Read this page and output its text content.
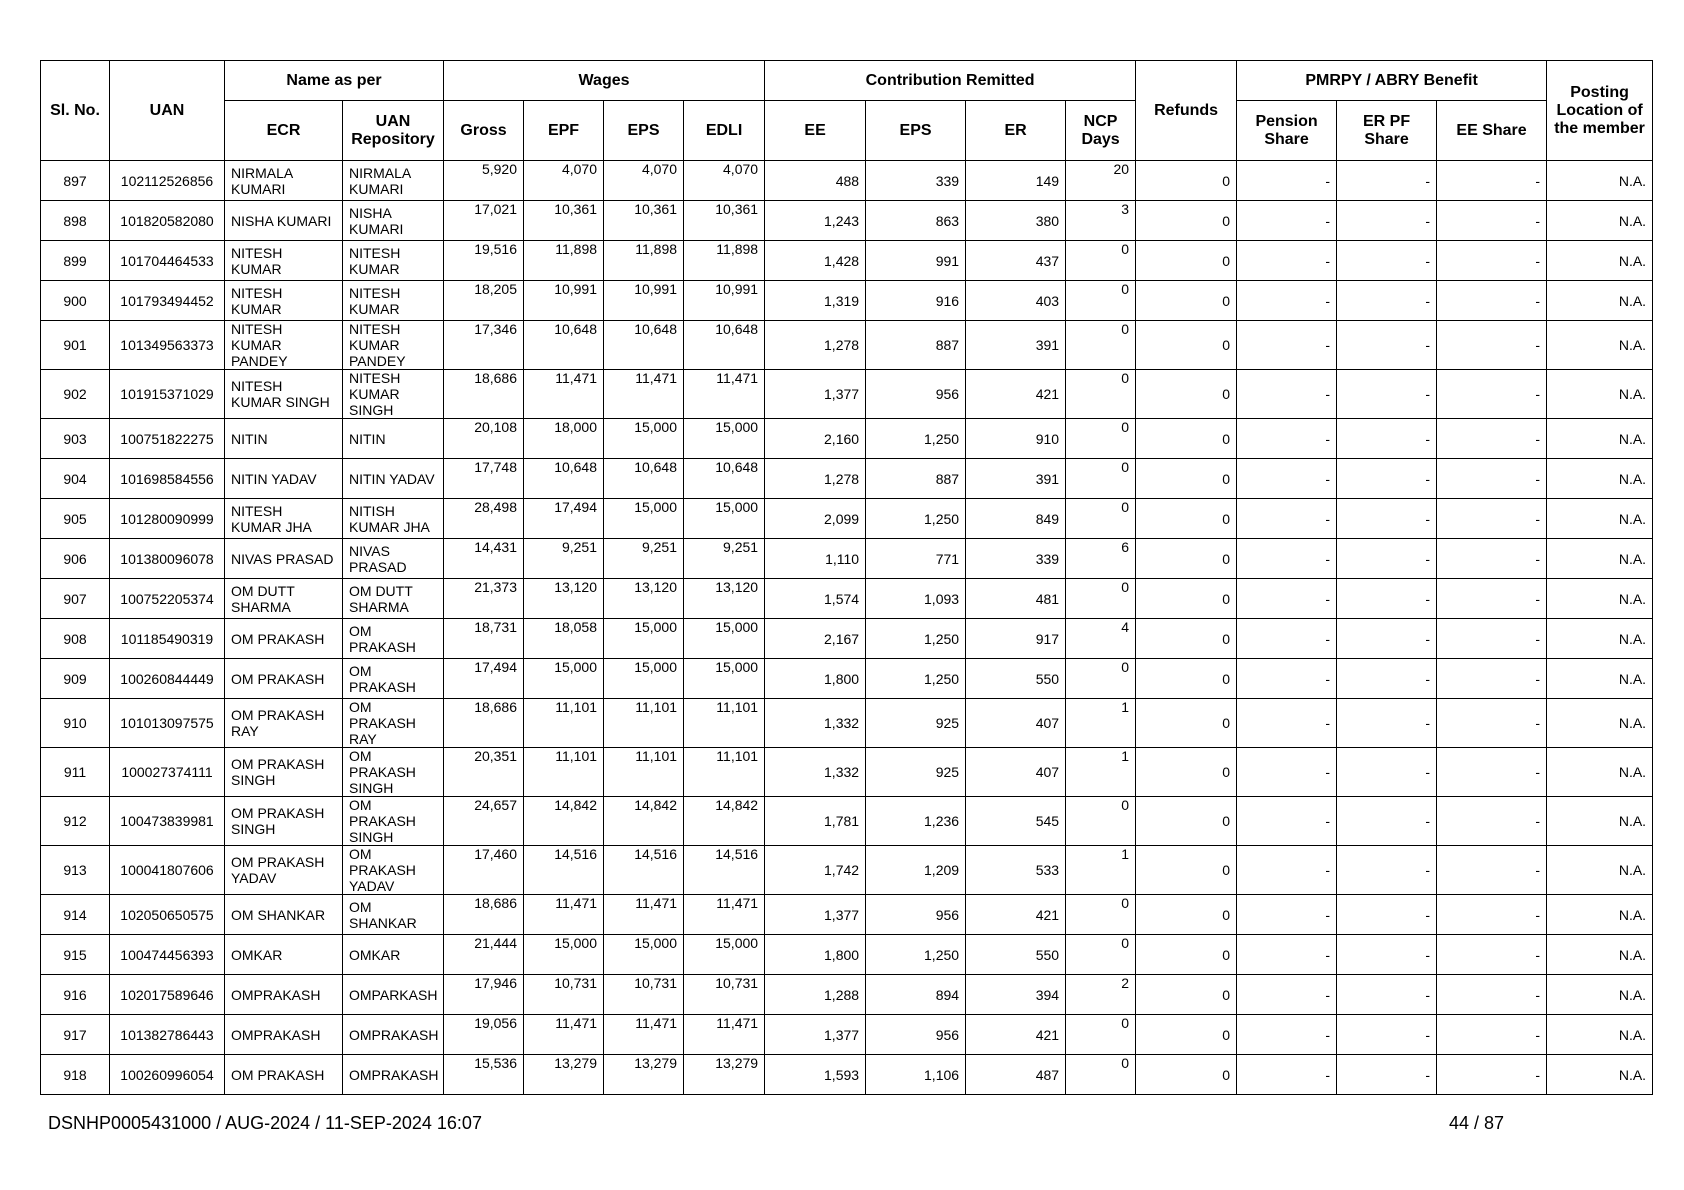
Sl. No.	UAN	Name as per		Wages				Contribution Remitted				Refunds	PMRPY / ABRY Benefit			Posting Location of the member
		ECR	UAN Repository	Gross	EPF	EPS	EDLI	EE	EPS	ER	NCP Days		Pension Share	ER PF Share	EE Share	
897	102112526856	NIRMALA KUMARI	NIRMALA KUMARI	5,920	4,070	4,070	4,070	488	339	149	20	0	-	-	-	N.A.
898	101820582080	NISHA KUMARI	NISHA KUMARI	17,021	10,361	10,361	10,361	1,243	863	380	3	0	-	-	-	N.A.
899	101704464533	NITESH KUMAR	NITESH KUMAR	19,516	11,898	11,898	11,898	1,428	991	437	0	0	-	-	-	N.A.
900	101793494452	NITESH KUMAR	NITESH KUMAR	18,205	10,991	10,991	10,991	1,319	916	403	0	0	-	-	-	N.A.
901	101349563373	NITESH KUMAR PANDEY	NITESH KUMAR PANDEY	17,346	10,648	10,648	10,648	1,278	887	391	0	0	-	-	-	N.A.
902	101915371029	NITESH KUMAR SINGH	NITESH KUMAR SINGH	18,686	11,471	11,471	11,471	1,377	956	421	0	0	-	-	-	N.A.
903	100751822275	NITIN	NITIN	20,108	18,000	15,000	15,000	2,160	1,250	910	0	0	-	-	-	N.A.
904	101698584556	NITIN YADAV	NITIN YADAV	17,748	10,648	10,648	10,648	1,278	887	391	0	0	-	-	-	N.A.
905	101280090999	NITESH KUMAR JHA	NITISH KUMAR JHA	28,498	17,494	15,000	15,000	2,099	1,250	849	0	0	-	-	-	N.A.
906	101380096078	NIVAS PRASAD	NIVAS PRASAD	14,431	9,251	9,251	9,251	1,110	771	339	6	0	-	-	-	N.A.
907	100752205374	OM DUTT SHARMA	OM DUTT SHARMA	21,373	13,120	13,120	13,120	1,574	1,093	481	0	0	-	-	-	N.A.
908	101185490319	OM PRAKASH	OM PRAKASH	18,731	18,058	15,000	15,000	2,167	1,250	917	4	0	-	-	-	N.A.
909	100260844449	OM PRAKASH	OM PRAKASH	17,494	15,000	15,000	15,000	1,800	1,250	550	0	0	-	-	-	N.A.
910	101013097575	OM PRAKASH RAY	OM PRAKASH RAY	18,686	11,101	11,101	11,101	1,332	925	407	1	0	-	-	-	N.A.
911	100027374111	OM PRAKASH SINGH	OM PRAKASH SINGH	20,351	11,101	11,101	11,101	1,332	925	407	1	0	-	-	-	N.A.
912	100473839981	OM PRAKASH SINGH	OM PRAKASH SINGH	24,657	14,842	14,842	14,842	1,781	1,236	545	0	0	-	-	-	N.A.
913	100041807606	OM PRAKASH YADAV	OM PRAKASH YADAV	17,460	14,516	14,516	14,516	1,742	1,209	533	1	0	-	-	-	N.A.
914	102050650575	OM SHANKAR	OM SHANKAR	18,686	11,471	11,471	11,471	1,377	956	421	0	0	-	-	-	N.A.
915	100474456393	OMKAR	OMKAR	21,444	15,000	15,000	15,000	1,800	1,250	550	0	0	-	-	-	N.A.
916	102017589646	OMPRAKASH	OMPARKASH	17,946	10,731	10,731	10,731	1,288	894	394	2	0	-	-	-	N.A.
917	101382786443	OMPRAKASH	OMPRAKASH	19,056	11,471	11,471	11,471	1,377	956	421	0	0	-	-	-	N.A.
918	100260996054	OM PRAKASH	OMPRAKASH	15,536	13,279	13,279	13,279	1,593	1,106	487	0	0	-	-	-	N.A.
DSNHP0005431000 / AUG-2024 / 11-SEP-2024 16:07	44 / 87
